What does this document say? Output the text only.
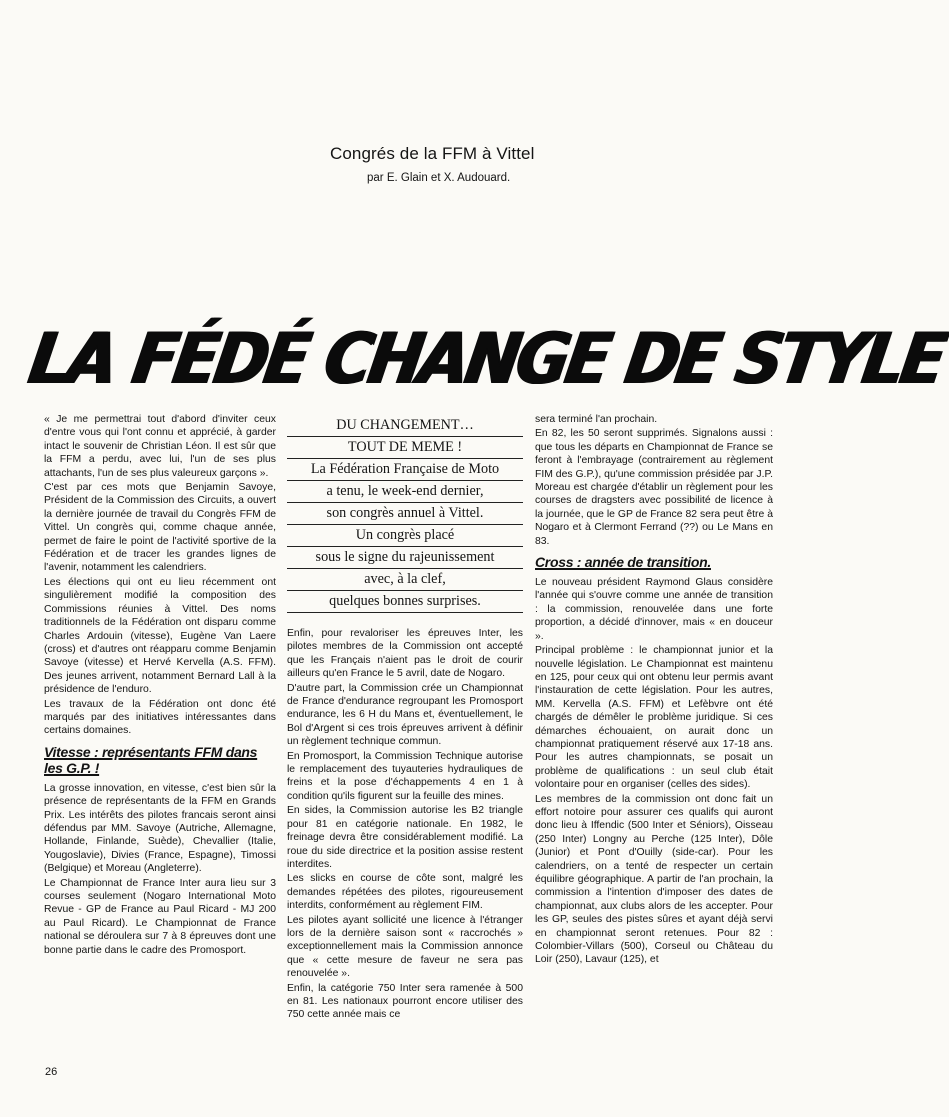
Congrés de la FFM à Vittel

par E. Glain et X. Audouard.

LA FÉDÉ CHANGE DE STYLE

« Je me permettrai tout d'abord d'inviter ceux d'entre vous qui l'ont connu et apprécié, à garder intact le souvenir de Christian Léon. Il est sûr que la FFM a perdu, avec lui, l'un de ses plus attachants, l'un de ses plus valeureux garçons ».

C'est par ces mots que Benjamin Savoye, Président de la Commission des Circuits, a ouvert la dernière journée de travail du Congrès FFM de Vittel. Un congrès qui, comme chaque année, permet de faire le point de l'activité sportive de la Fédération et de tracer les grandes lignes de l'avenir, notamment les calendriers.

Les élections qui ont eu lieu récemment ont singulièrement modifié la composition des Commissions réunies à Vittel. Des noms traditionnels de la Fédération ont disparu comme Charles Ardouin (vitesse), Eugène Van Laere (cross) et d'autres ont réapparu comme Benjamin Savoye (vitesse) et Hervé Kervella (A.S. FFM). Des jeunes arrivent, notamment Bernard Lall à la présidence de l'enduro.

Les travaux de la Fédération ont donc été marqués par des initiatives intéressantes dans certains domaines.

Vitesse : représentants FFM dans les G.P. !

La grosse innovation, en vitesse, c'est bien sûr la présence de représentants de la FFM en Grands Prix. Les intérêts des pilotes francais seront ainsi défendus par MM. Savoye (Autriche, Allemagne, Hollande, Finlande, Suède), Chevallier (Italie, Yougoslavie), Divies (France, Espagne), Timossi (Belgique) et Moreau (Angleterre).

Le Championnat de France Inter aura lieu sur 3 courses seulement (Nogaro International Moto Revue - GP de France au Paul Ricard - MJ 200 au Paul Ricard). Le Championnat de France national se déroulera sur 7 à 8 épreuves dont une bonne partie dans le cadre des Promosport.

DU CHANGEMENT…
TOUT DE MEME !
La Fédération Française de Moto
a tenu, le week-end dernier,
son congrès annuel à Vittel.
Un congrès placé
sous le signe du rajeunissement
avec, à la clef,
quelques bonnes surprises.

Enfin, pour revaloriser les épreuves Inter, les pilotes membres de la Commission ont accepté que les Français n'aient pas le droit de courir ailleurs qu'en France le 5 avril, date de Nogaro.

D'autre part, la Commission crée un Championnat de France d'endurance regroupant les Promosport endurance, les 6 H du Mans et, éventuellement, le Bol d'Argent si ces trois épreuves arrivent à définir un règlement technique commun.

En Promosport, la Commission Technique autorise le remplacement des tuyauteries hydrauliques de freins et la pose d'échappements 4 en 1 à condition qu'ils figurent sur la feuille des mines.

En sides, la Commission autorise les B2 triangle pour 81 en catégorie nationale. En 1982, le freinage devra être considérablement modifié. La roue du side directrice et la position assise restent interdites.

Les slicks en course de côte sont, malgré les demandes répétées des pilotes, rigoureusement interdits, conformément au règlement FIM.

Les pilotes ayant sollicité une licence à l'étranger lors de la dernière saison sont « raccrochés » exceptionnellement mais la Commission annonce que « cette mesure de faveur ne sera pas renouvelée ».

Enfin, la catégorie 750 Inter sera ramenée à 500 en 81. Les nationaux pourront encore utiliser des 750 cette année mais ce

sera terminé l'an prochain.

En 82, les 50 seront supprimés. Signalons aussi : que tous les départs en Championnat de France se feront à l'embrayage (contrairement au règlement FIM des G.P.), qu'une commission présidée par J.P. Moreau est chargée d'établir un règlement pour les courses de dragsters avec possibilité de licence à la journée, que le GP de France 82 sera peut être à Nogaro et à Clermont Ferrand (??) ou Le Mans en 83.

Cross : année de transition.

Le nouveau président Raymond Glaus considère l'année qui s'ouvre comme une année de transition : la commission, renouvelée dans une forte proportion, a décidé d'innover, mais « en douceur ».

Principal problème : le championnat junior et la nouvelle législation. Le Championnat est maintenu en 125, pour ceux qui ont obtenu leur permis avant l'instauration de cette législation. Pour les autres, MM. Kervella (A.S. FFM) et Lefèbvre ont été chargés de démêler le problème juridique. Si ces démarches échouaient, on aurait donc un championnat pratiquement réservé aux 17-18 ans. Pour les autres championnats, se posait un problème de qualifications : un seul club était volontaire pour en organiser (celles des sides).

Les membres de la commission ont donc fait un effort notoire pour assurer ces qualifs qui auront donc lieu à Iffendic (500 Inter et Séniors), Oisseau (250 Inter) Longny au Perche (125 Inter), Dôle (Junior) et Pont d'Ouilly (side-car). Pour les calendriers, on a tenté de respecter un certain équilibre géographique. A partir de l'an prochain, la commission a l'intention d'imposer des dates de championnat, aux clubs alors de les accepter. Pour les GP, seules des pistes sûres et ayant déjà servi en championnat seront retenues. Pour 82 : Colombier-Villars (500), Corseul ou Château du Loir (250), Lavaur (125), et

26
